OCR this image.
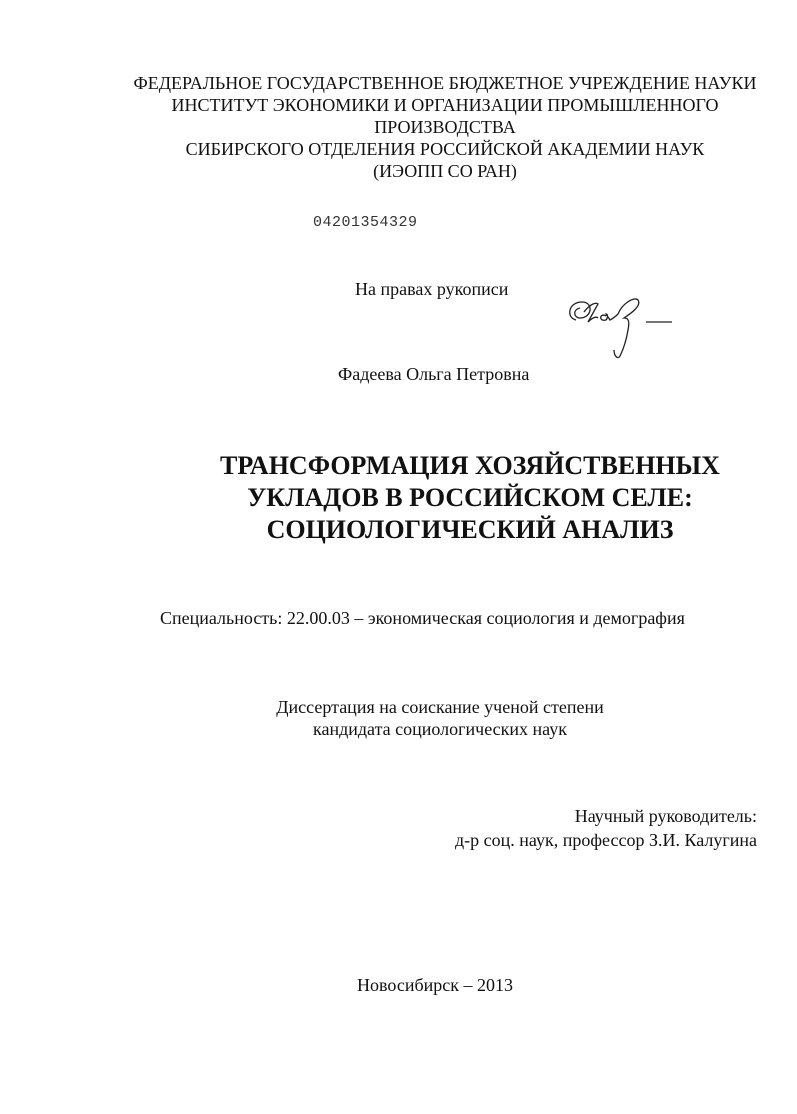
ФЕДЕРАЛЬНОЕ ГОСУДАРСТВЕННОЕ БЮДЖЕТНОЕ УЧРЕЖДЕНИЕ НАУКИ
ИНСТИТУТ ЭКОНОМИКИ И ОРГАНИЗАЦИИ ПРОМЫШЛЕННОГО
ПРОИЗВОДСТВА
СИБИРСКОГО ОТДЕЛЕНИЯ РОССИЙСКОЙ АКАДЕМИИ НАУК
(ИЭОПП СО РАН)
04201354329
На правах рукописи
Фадеева Ольга Петровна
ТРАНСФОРМАЦИЯ ХОЗЯЙСТВЕННЫХ
УКЛАДОВ В РОССИЙСКОМ СЕЛЕ:
СОЦИОЛОГИЧЕСКИЙ АНАЛИЗ
Специальность: 22.00.03 – экономическая социология и демография
Диссертация на соискание ученой степени
кандидата социологических наук
Научный руководитель:
д-р соц. наук, профессор З.И. Калугина
Новосибирск – 2013
